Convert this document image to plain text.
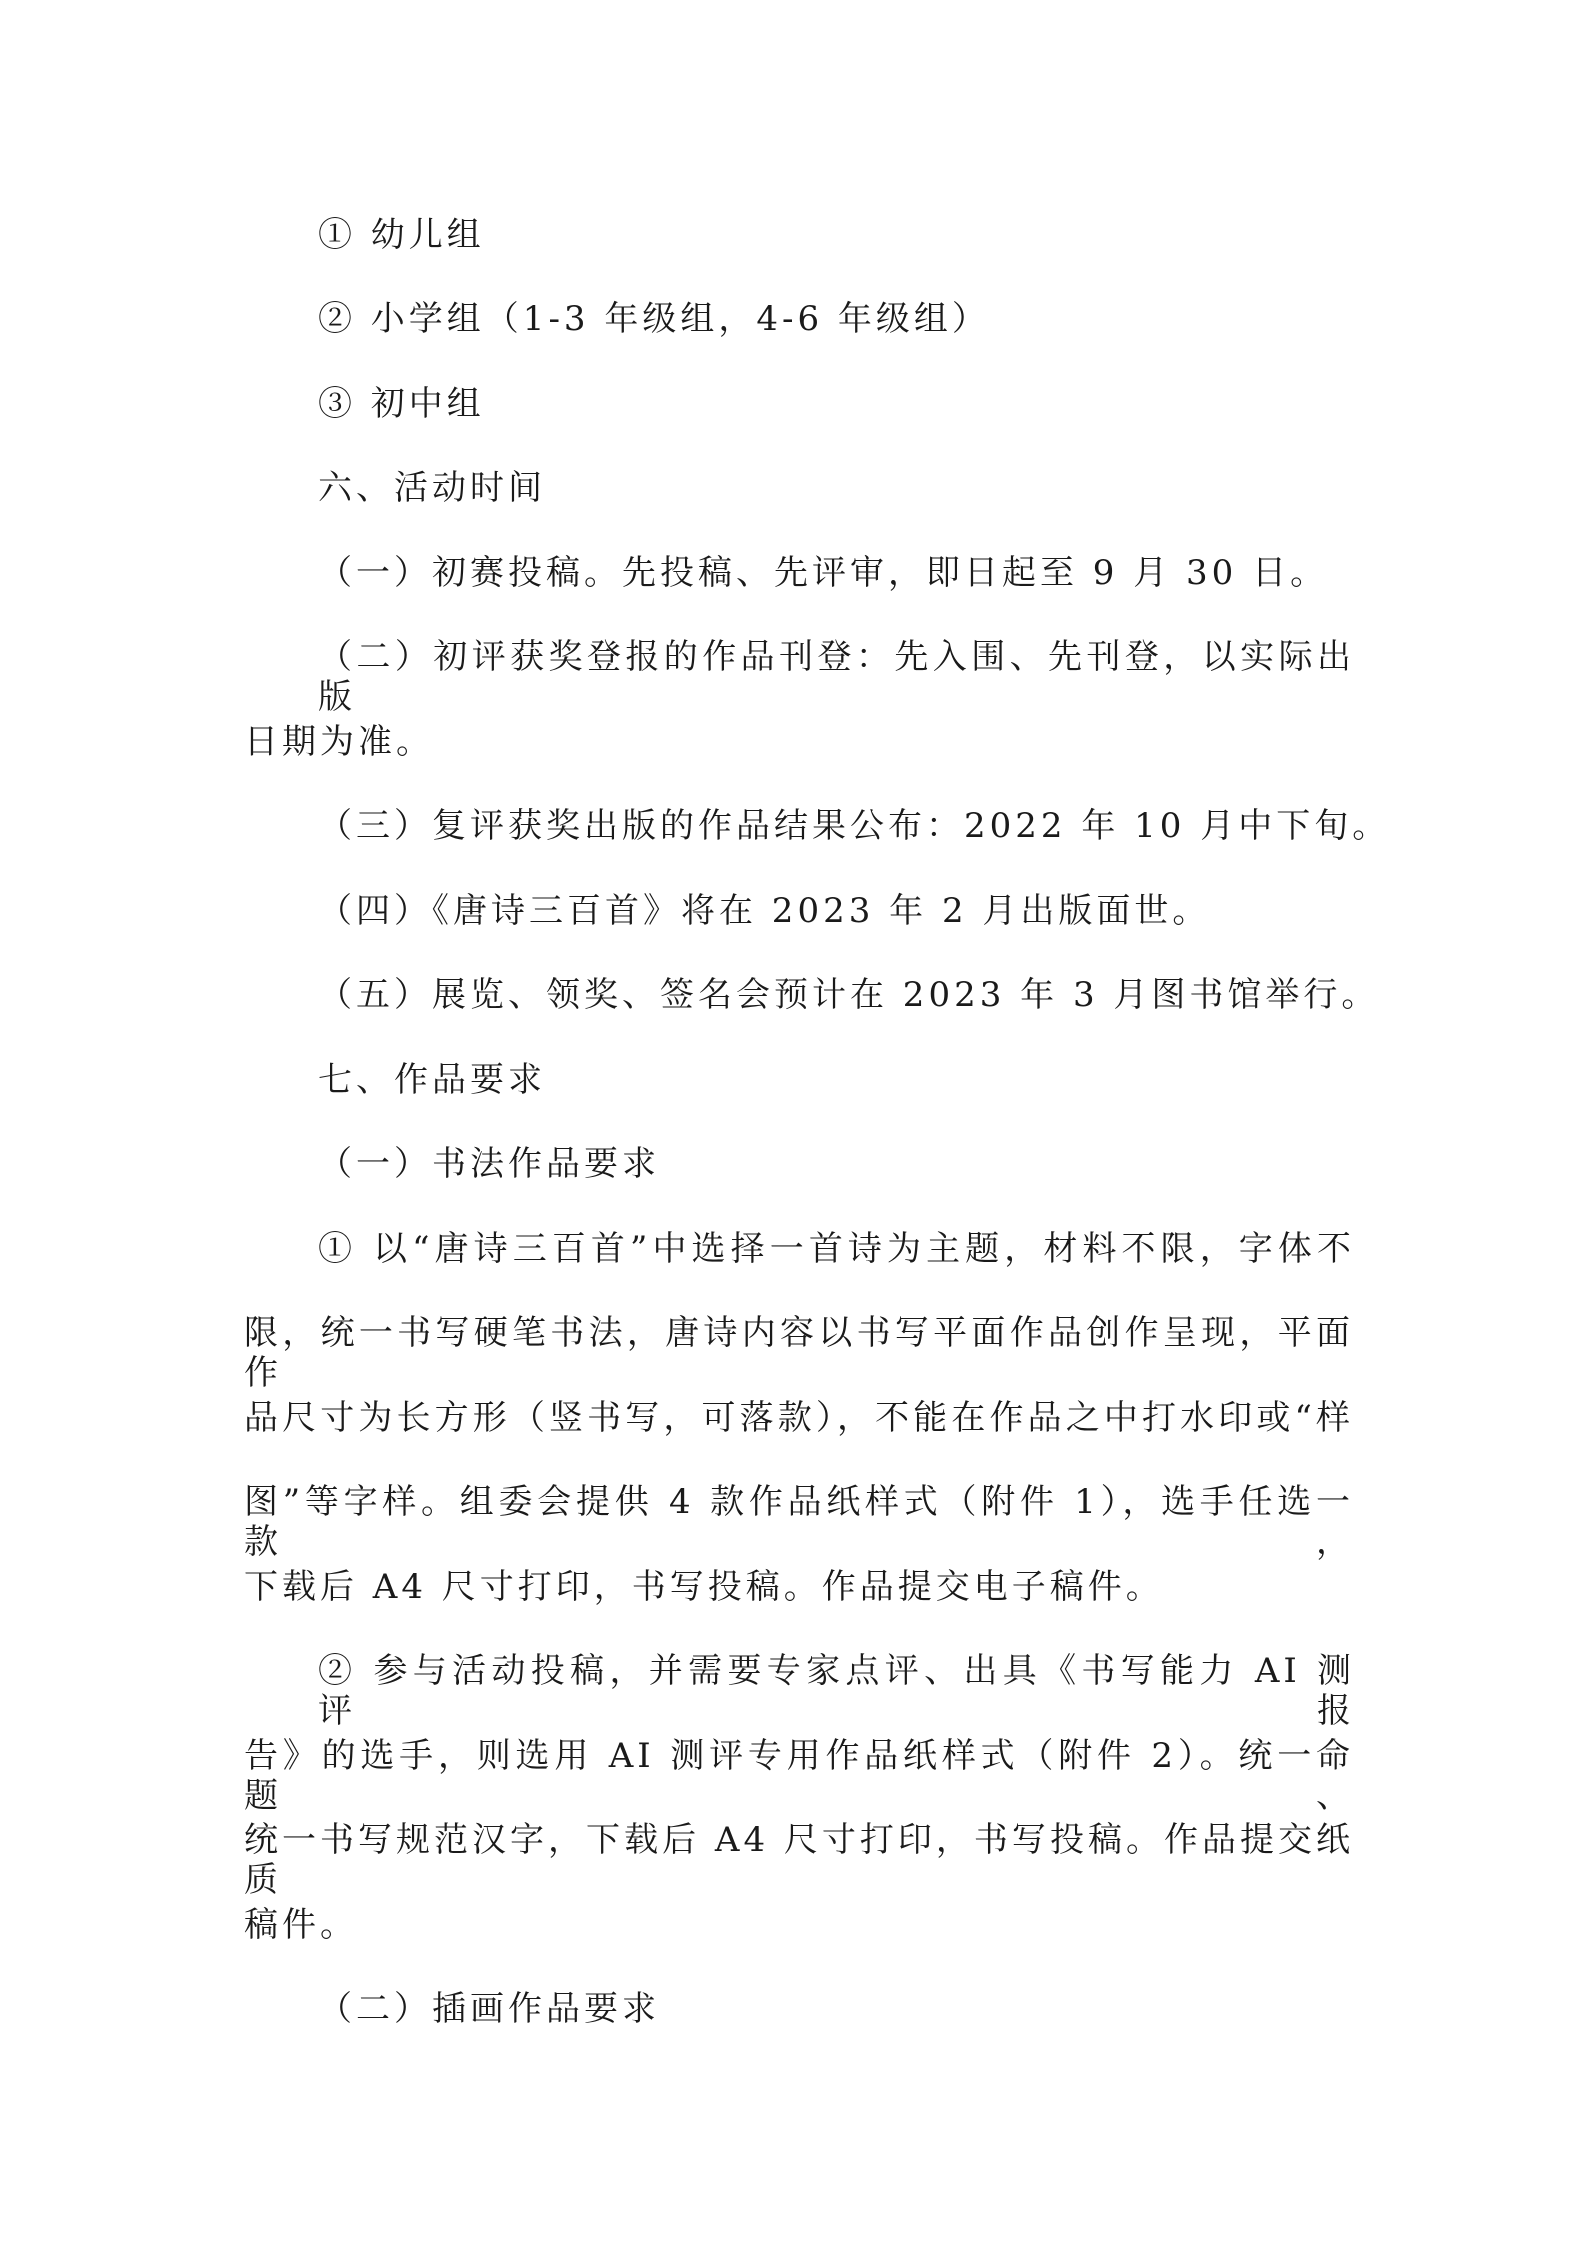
① 幼儿组
② 小学组（1-3 年级组，4-6 年级组）
③ 初中组
六、活动时间
（一）初赛投稿。先投稿、先评审，即日起至 9 月 30 日。
（二）初评获奖登报的作品刊登：先入围、先刊登，以实际出版
日期为准。
（三）复评获奖出版的作品结果公布：2022 年 10 月中下旬。
（四）《唐诗三百首》将在 2023 年 2 月出版面世。
（五）展览、领奖、签名会预计在 2023 年 3 月图书馆举行。
七、作品要求
（一）书法作品要求
① 以“唐诗三百首”中选择一首诗为主题，材料不限，字体不
限，统一书写硬笔书法，唐诗内容以书写平面作品创作呈现，平面作
品尺寸为长方形（竖书写，可落款），不能在作品之中打水印或“样
图”等字样。组委会提供 4 款作品纸样式（附件 1），选手任选一款，
下载后 A4 尺寸打印，书写投稿。作品提交电子稿件。
② 参与活动投稿，并需要专家点评、出具《书写能力 AI 测评报
告》的选手，则选用 AI 测评专用作品纸样式（附件 2）。统一命题、
统一书写规范汉字，下载后 A4 尺寸打印，书写投稿。作品提交纸质
稿件。
（二）插画作品要求
